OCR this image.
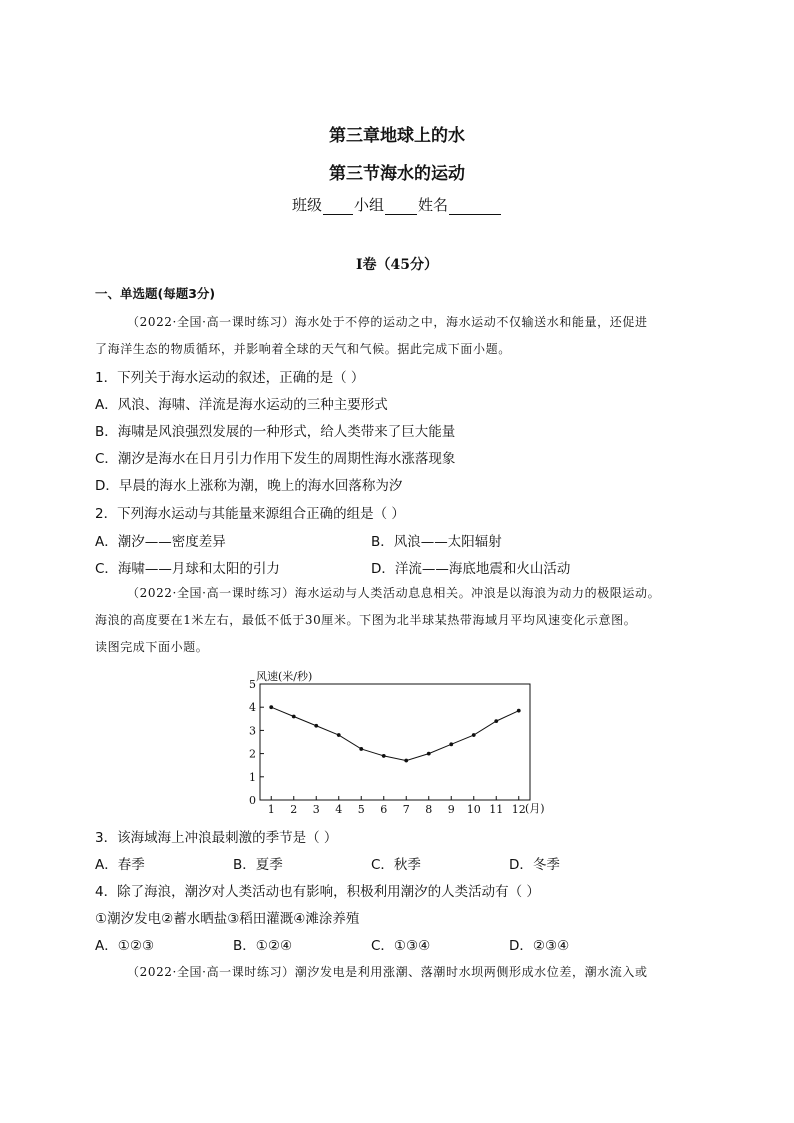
第三章地球上的水
第三节海水的运动
班级 小组 姓名
I卷（45分）
一、单选题(每题3分)
（2022·全国·高一课时练习）海水处于不停的运动之中，海水运动不仅输送水和能量，还促进
了海洋生态的物质循环，并影响着全球的天气和气候。据此完成下面小题。
1．下列关于海水运动的叙述，正确的是（ ）
A．风浪、海啸、洋流是海水运动的三种主要形式
B．海啸是风浪强烈发展的一种形式，给人类带来了巨大能量
C．潮汐是海水在日月引力作用下发生的周期性海水涨落现象
D．早晨的海水上涨称为潮，晚上的海水回落称为汐
2．下列海水运动与其能量来源组合正确的组是（ ）
A．潮汐——密度差异	B．风浪——太阳辐射
C．海啸——月球和太阳的引力	D．洋流——海底地震和火山活动
（2022·全国·高一课时练习）海水运动与人类活动息息相关。冲浪是以海浪为动力的极限运动。
海浪的高度要在1米左右，最低不低于30厘米。下图为北半球某热带海域月平均风速变化示意图。
读图完成下面小题。
0
1
2
3
4
5
1 2 3 4 5 6 7 8 9 10 11 12
风速(米/秒)
(月)
3．该海域海上冲浪最刺激的季节是（ ）
A．春季	B．夏季	C．秋季	D．冬季
4．除了海浪，潮汐对人类活动也有影响，积极利用潮汐的人类活动有（ ）
①潮汐发电②蓄水晒盐③稻田灌溉④滩涂养殖
A．①②③	B．①②④	C．①③④	D．②③④
（2022·全国·高一课时练习）潮汐发电是利用涨潮、落潮时水坝两侧形成水位差，潮水流入或
